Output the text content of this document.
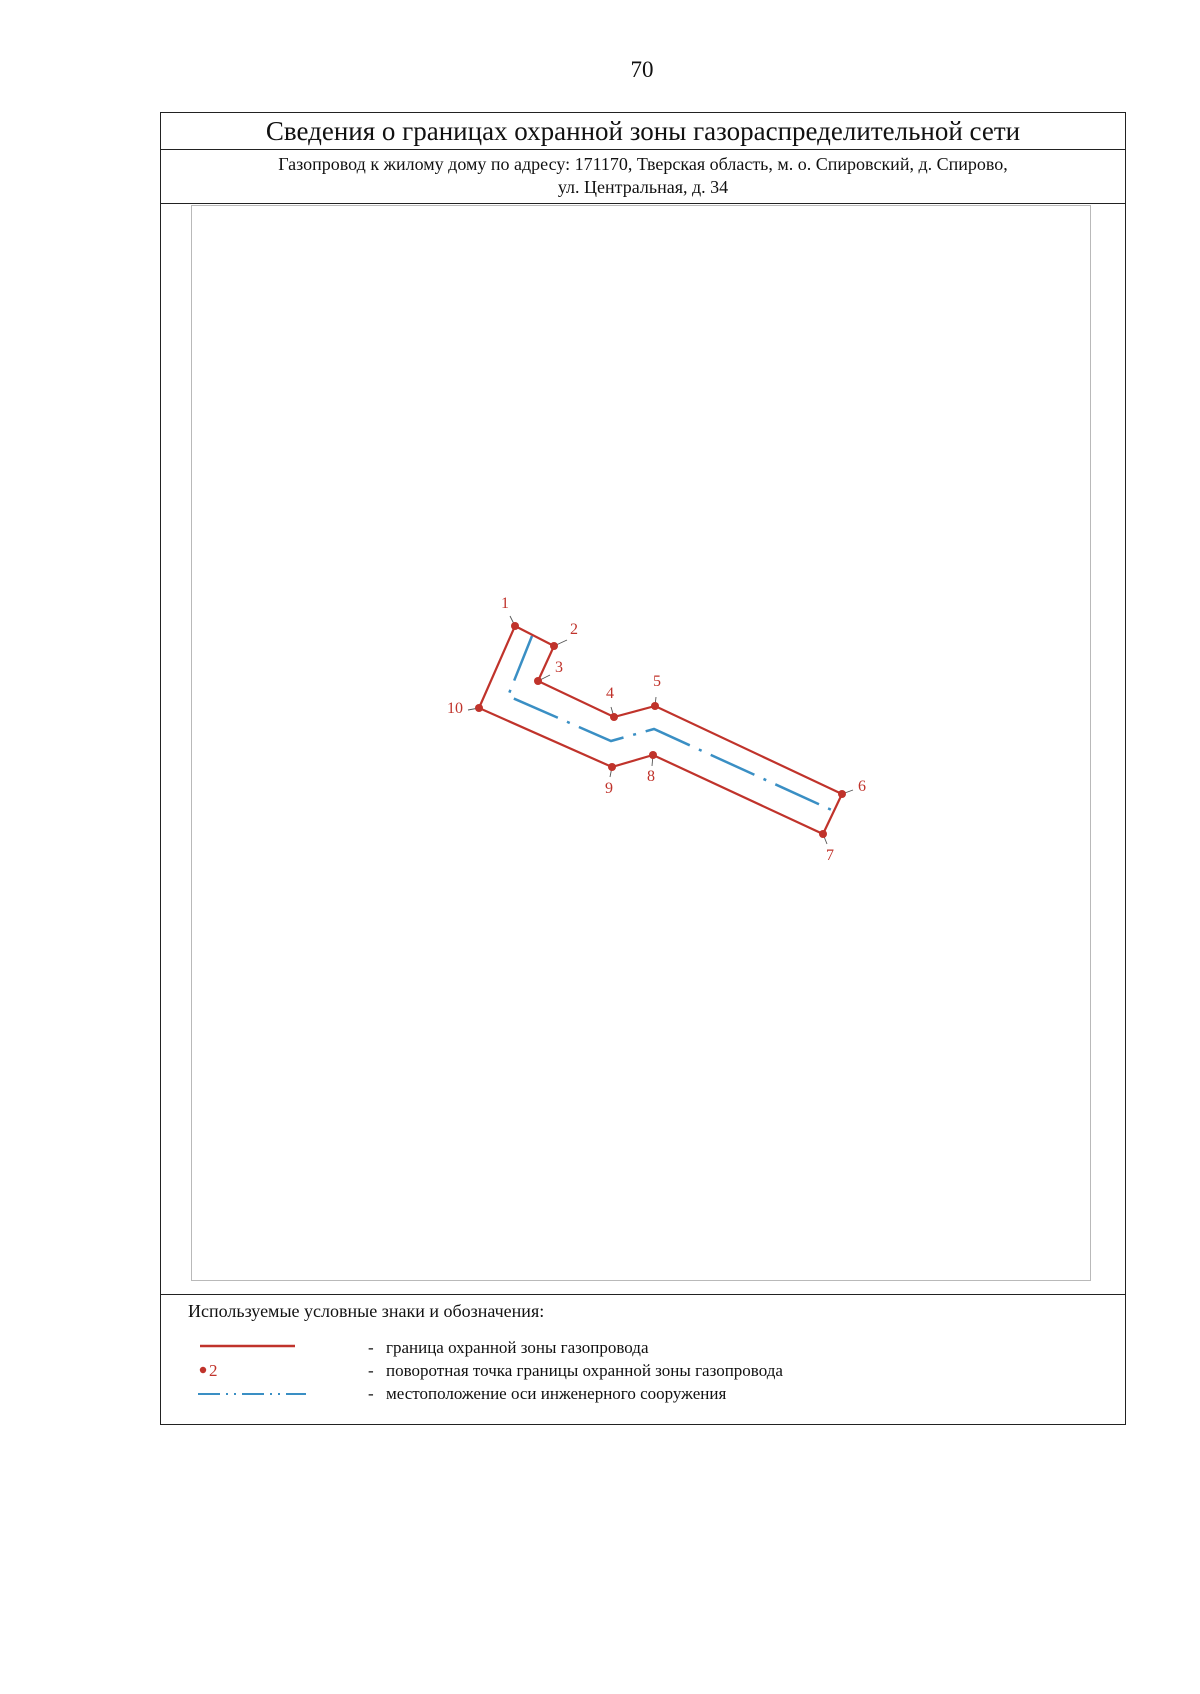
70
Сведения о границах охранной зоны газораспределительной сети
Газопровод к жилому дому по адресу: 171170, Тверская область, м. о. Спировский, д. Спирово,
ул. Центральная, д. 34
1
2
3
4
5
6
7
8
9
10
Используемые условные знаки и обозначения:
- граница охранной зоны газопровода
2	- поворотная точка границы охранной зоны газопровода
- местоположение оси инженерного сооружения
